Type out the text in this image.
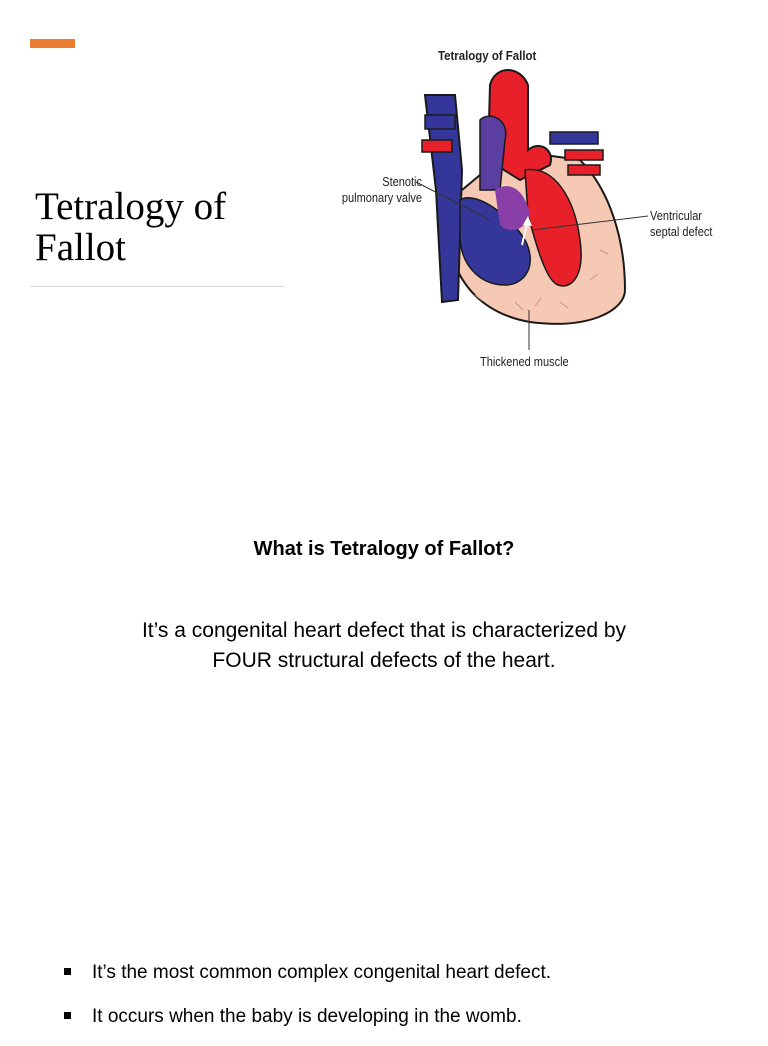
Tetralogy of Fallot
Tetralogy of Fallot
Stenotic
pulmonary valve
Ventricular
septal defect
Thickened muscle
What is Tetralogy of Fallot?
It’s a congenital heart defect that is characterized by
FOUR structural defects of the heart.
It’s the most common complex congenital heart defect.
It occurs when the baby is developing in the womb.
